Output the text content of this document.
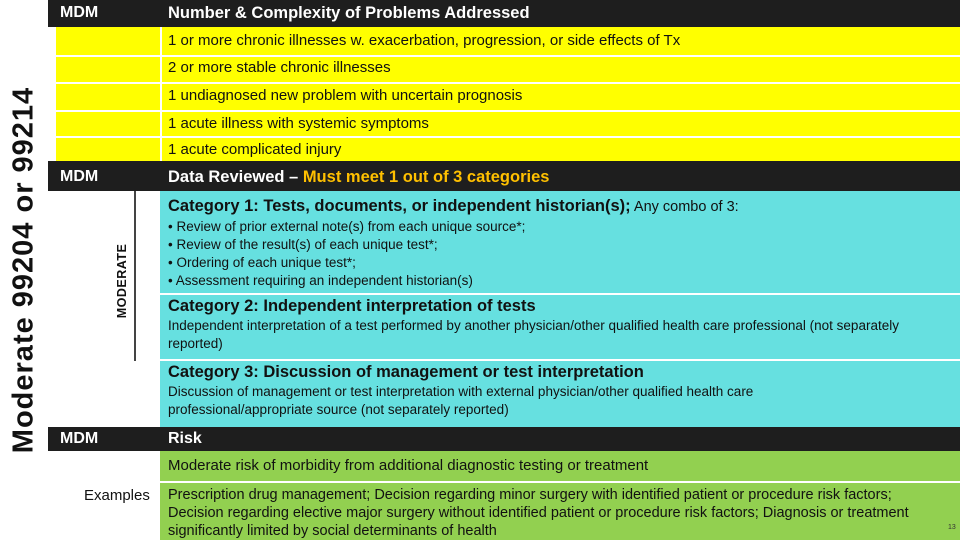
Moderate 99204 or 99214
MDM	Number & Complexity of Problems Addressed
1 or more chronic illnesses w. exacerbation, progression, or side effects of Tx
2 or more stable chronic illnesses
1 undiagnosed new problem with uncertain prognosis
1 acute illness with systemic symptoms
1 acute complicated injury
MDM	Data Reviewed – Must meet 1 out of 3 categories
MODERATE
Category 1: Tests, documents, or independent historian(s); Any combo of 3:
• Review of prior external note(s) from each unique source*;
• Review of the result(s) of each unique test*;
• Ordering of each unique test*;
• Assessment requiring an independent historian(s)
Category 2: Independent interpretation of tests
Independent interpretation of a test performed by another physician/other qualified health care professional (not separately reported)
Category 3: Discussion of management or test interpretation
Discussion of management or test interpretation with external physician/other qualified health care professional/appropriate source (not separately reported)
MDM	Risk
Moderate risk of morbidity from additional diagnostic testing or treatment
Examples Prescription drug management; Decision regarding minor surgery with identified patient or procedure risk factors; Decision regarding elective major surgery without identified patient or procedure risk factors; Diagnosis or treatment significantly limited by social determinants of health	13
